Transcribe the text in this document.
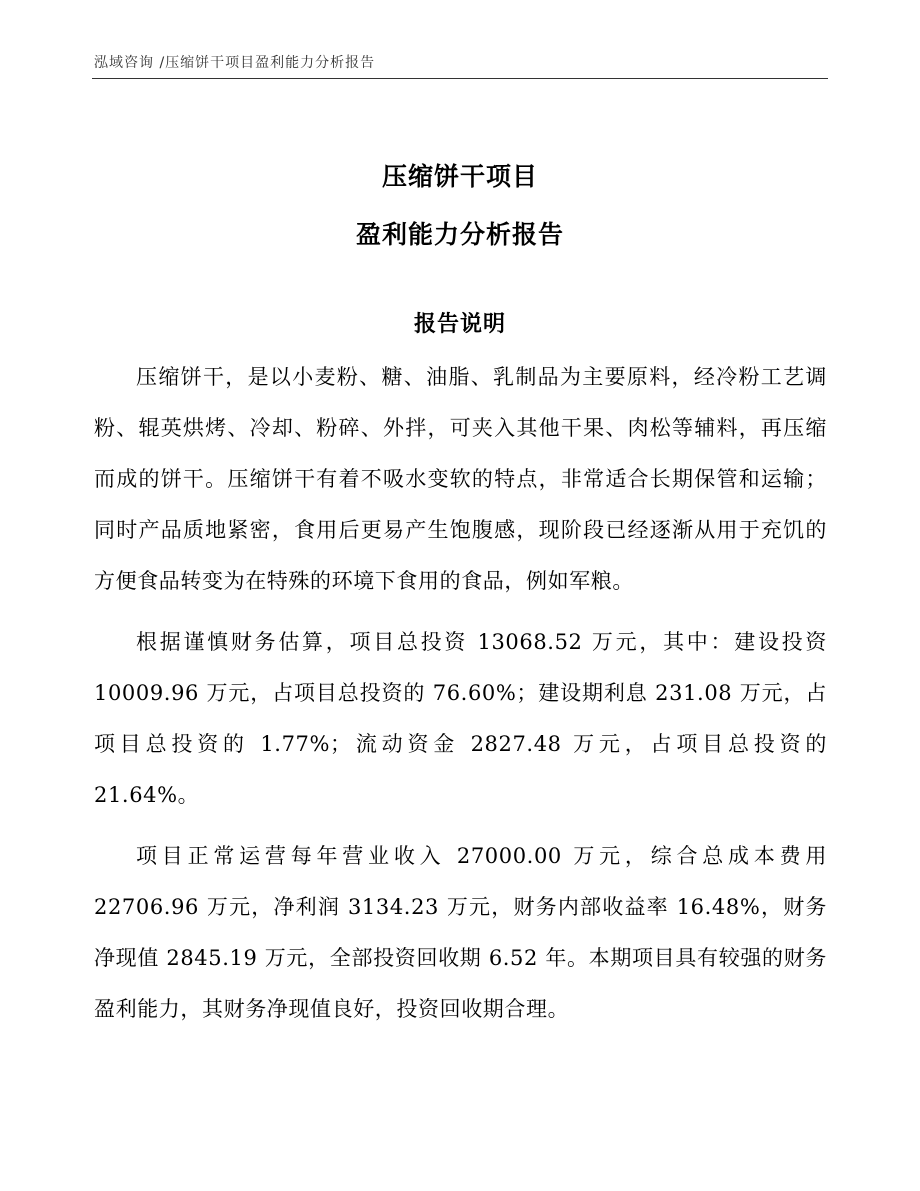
泓域咨询 /压缩饼干项目盈利能力分析报告
压缩饼干项目
盈利能力分析报告
报告说明

压缩饼干，是以小麦粉、糖、油脂、乳制品为主要原料，经冷粉工艺调粉、辊英烘烤、冷却、粉碎、外拌，可夹入其他干果、肉松等辅料，再压缩而成的饼干。压缩饼干有着不吸水变软的特点，非常适合长期保管和运输；同时产品质地紧密，食用后更易产生饱腹感，现阶段已经逐渐从用于充饥的方便食品转变为在特殊的环境下食用的食品，例如军粮。

根据谨慎财务估算，项目总投资 13068.52 万元，其中：建设投资 10009.96 万元，占项目总投资的 76.60%；建设期利息 231.08 万元，占项目总投资的 1.77%；流动资金 2827.48 万元，占项目总投资的 21.64%。

项目正常运营每年营业收入 27000.00 万元，综合总成本费用 22706.96 万元，净利润 3134.23 万元，财务内部收益率 16.48%，财务净现值 2845.19 万元，全部投资回收期 6.52 年。本期项目具有较强的财务盈利能力，其财务净现值良好，投资回收期合理。
